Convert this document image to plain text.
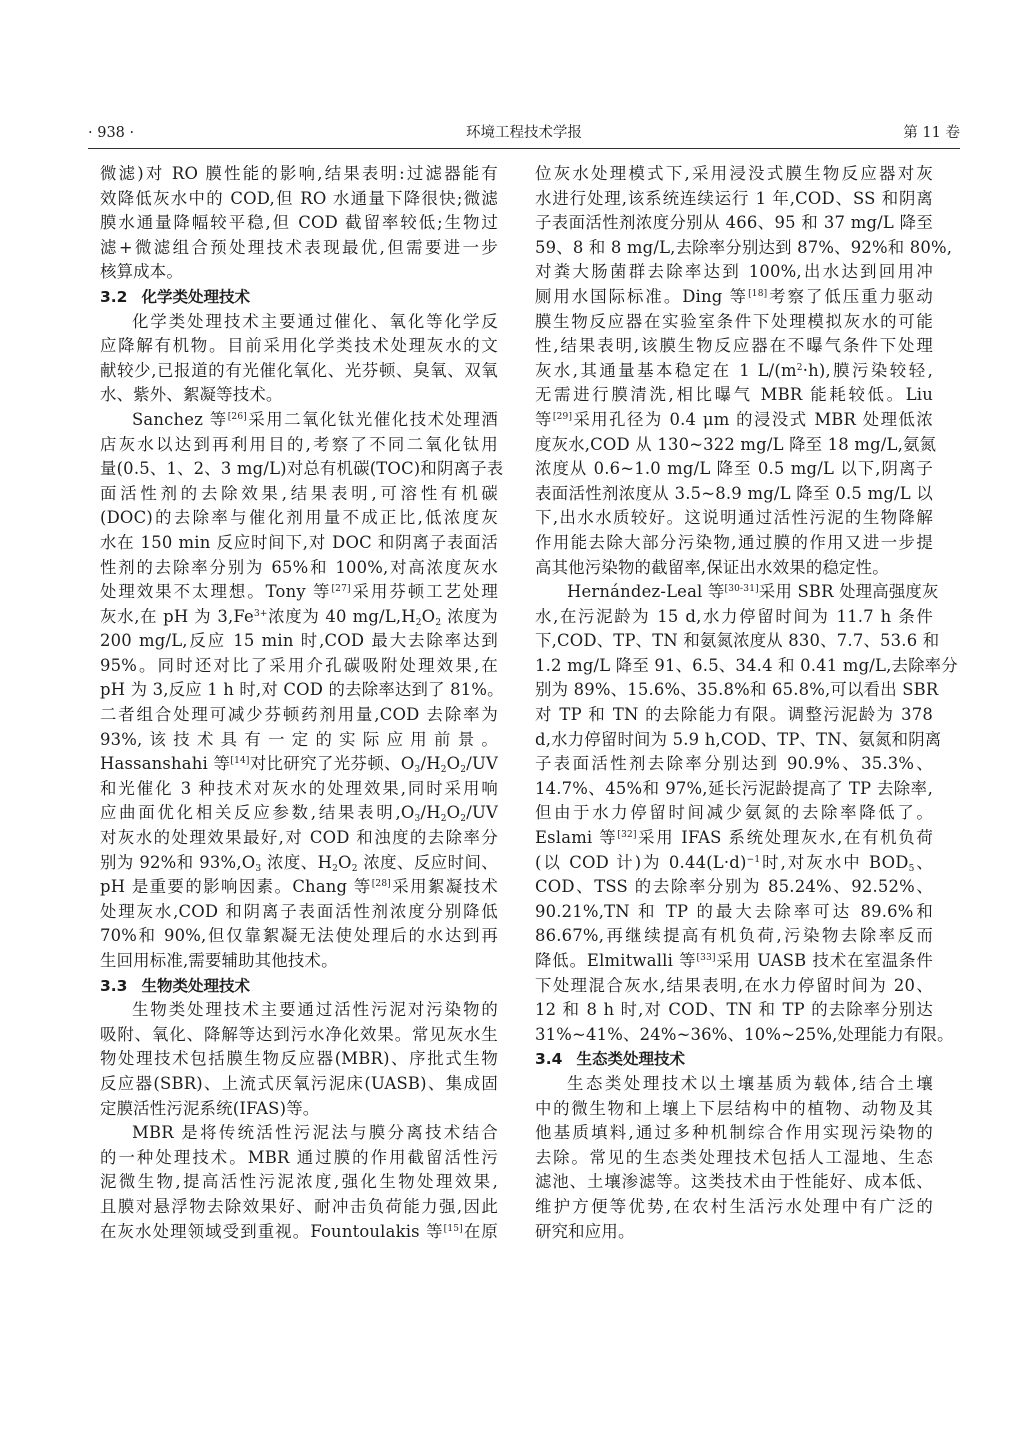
· 938 ·	环境工程技术学报	第 11 卷
微滤)对 RO 膜性能的影响,结果表明:过滤器能有
效降低灰水中的 COD,但 RO 水通量下降很快;微滤
膜水通量降幅较平稳,但 COD 截留率较低;生物过
滤+微滤组合预处理技术表现最优,但需要进一步
核算成本。
3.2 化学类处理技术
化学类处理技术主要通过催化、氧化等化学反
应降解有机物。目前采用化学类技术处理灰水的文
献较少,已报道的有光催化氧化、光芬顿、臭氧、双氧
水、紫外、絮凝等技术。
Sanchez 等[26]采用二氧化钛光催化技术处理酒
店灰水以达到再利用目的,考察了不同二氧化钛用
量(0.5、1、2、3 mg/L)对总有机碳(TOC)和阴离子表
面活性剂的去除效果,结果表明,可溶性有机碳
(DOC)的去除率与催化剂用量不成正比,低浓度灰
水在 150 min 反应时间下,对 DOC 和阴离子表面活
性剂的去除率分别为 65%和 100%,对高浓度灰水
处理效果不太理想。Tony 等[27]采用芬顿工艺处理
灰水,在 pH 为 $3,Fe^{3+}$浓度为 40 $mg/L,H_2O_2$ 浓度为
200 mg/L,反应 15 min 时,COD 最大去除率达到
95%。同时还对比了采用介孔碳吸附处理效果,在
pH 为 3,反应 1 h 时,对 COD 的去除率达到了 81%。
二者组合处理可减少芬顿药剂用量,COD 去除率为
93%,该技术具有一定的实际应用前景。
Hassanshahi 等[14]对比研究了光芬顿、$O_3/H_2O_2/UV$
和光催化 3 种技术对灰水的处理效果,同时采用响
应曲面优化相关反应参数,结果表明$,O_3/H_2O_2/UV$
对灰水的处理效果最好,对 COD 和浊度的去除率分
别为 92%和 $93\%,O_3$ 浓度、$H_2O_2$ 浓度、反应时间、
pH 是重要的影响因素。Chang 等[28]采用絮凝技术
处理灰水,COD 和阴离子表面活性剂浓度分别降低
70%和 90%,但仅靠絮凝无法使处理后的水达到再
生回用标准,需要辅助其他技术。
3.3 生物类处理技术
生物类处理技术主要通过活性污泥对污染物的
吸附、氧化、降解等达到污水净化效果。常见灰水生
物处理技术包括膜生物反应器(MBR)、序批式生物
反应器(SBR)、上流式厌氧污泥床(UASB)、集成固
定膜活性污泥系统(IFAS)等。
MBR 是将传统活性污泥法与膜分离技术结合
的一种处理技术。MBR 通过膜的作用截留活性污
泥微生物,提高活性污泥浓度,强化生物处理效果,
且膜对悬浮物去除效果好、耐冲击负荷能力强,因此
在灰水处理领域受到重视。Fountoulakis 等[15]在原
位灰水处理模式下,采用浸没式膜生物反应器对灰
水进行处理,该系统连续运行 1 年,COD、SS 和阴离
子表面活性剂浓度分别从 466、95 和 37 mg/L 降至
59、8 和 8 mg/L,去除率分别达到 87%、92%和 80%,
对粪大肠菌群去除率达到 100%,出水达到回用冲
厕用水国际标准。Ding 等[18]考察了低压重力驱动
膜生物反应器在实验室条件下处理模拟灰水的可能
性,结果表明,该膜生物反应器在不曝气条件下处理
灰水,其通量基本稳定在 1 $L/(m^2\cdot h)$,膜污染较轻,
无需进行膜清洗,相比曝气 MBR 能耗较低。Liu
等[29]采用孔径为 0.4 μm 的浸没式 MBR 处理低浓
度灰水,COD 从 130~322 mg/L 降至 18 mg/L,氨氮
浓度从 0.6~1.0 mg/L 降至 0.5 mg/L 以下,阴离子
表面活性剂浓度从 3.5~8.9 mg/L 降至 0.5 mg/L 以
下,出水水质较好。这说明通过活性污泥的生物降解
作用能去除大部分污染物,通过膜的作用又进一步提
高其他污染物的截留率,保证出水效果的稳定性。
Hernández-Leal 等[30-31]采用 SBR 处理高强度灰
水,在污泥龄为 15 d,水力停留时间为 11.7 h 条件
下,COD、TP、TN 和氨氮浓度从 830、7.7、53.6 和
1.2 mg/L 降至 91、6.5、34.4 和 0.41 mg/L,去除率分
别为 89%、15.6%、35.8%和 65.8%,可以看出 SBR
对 TP 和 TN 的去除能力有限。调整污泥龄为 378
d,水力停留时间为 5.9 h,COD、TP、TN、氨氮和阴离
子表面活性剂去除率分别达到 90.9%、35.3%、
14.7%、45%和 97%,延长污泥龄提高了 TP 去除率,
但由于水力停留时间减少氨氮的去除率降低了。
Eslami 等[32]采用 IFAS 系统处理灰水,在有机负荷
(以 COD 计)为 $0.44(L\cdot d)^{-1}$时,对灰水中 $BOD_5$、
COD、TSS 的去除率分别为 85.24%、92.52%、
90.21%,TN 和 TP 的最大去除率可达 89.6%和
86.67%,再继续提高有机负荷,污染物去除率反而
降低。Elmitwalli 等[33]采用 UASB 技术在室温条件
下处理混合灰水,结果表明,在水力停留时间为 20、
12 和 8 h 时,对 COD、TN 和 TP 的去除率分别达
31%~41%、24%~36%、10%~25%,处理能力有限。
3.4 生态类处理技术
生态类处理技术以土壤基质为载体,结合土壤
中的微生物和上壤上下层结构中的植物、动物及其
他基质填料,通过多种机制综合作用实现污染物的
去除。常见的生态类处理技术包括人工湿地、生态
滤池、土壤渗滤等。这类技术由于性能好、成本低、
维护方便等优势,在农村生活污水处理中有广泛的
研究和应用。
